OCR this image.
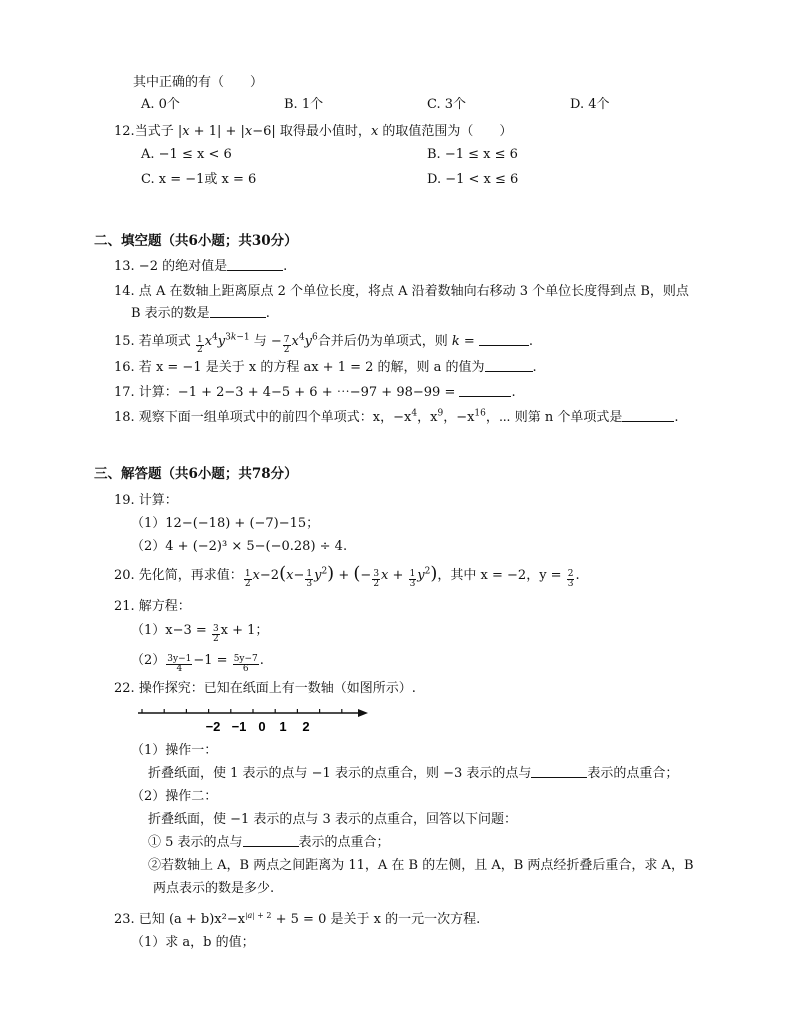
其中正确的有（　　）
A. 0个	B. 1个	C. 3个	D. 4个
12.当式子 |x + 1| + |x−6| 取得最小值时，x 的取值范围为（　　）
A. −1 ≤ x < 6	B. −1 ≤ x ≤ 6
C. x = −1或 x = 6	D. −1 < x ≤ 6
二、填空题（共6小题；共30分）
13. −2 的绝对值是	.
14. 点 A 在数轴上距离原点 2 个单位长度，将点 A 沿着数轴向右移动 3 个单位长度得到点 B，则点
B 表示的数是	.
15. 若单项式 $\frac{1}{2} x^4y^{3k-1}$ 与 − $\frac{7}{2} x^4y^6$合并后仍为单项式，则 k =	.
16. 若 x = −1 是关于 x 的方程 ax + 1 = 2 的解，则 a 的值为	.
17. 计算：−1 + 2−3 + 4−5 + 6 + ⋯−97 + 98−99 =	.
18. 观察下面一组单项式中的前四个单项式：x，$-x^4$，$x^9$，$-x^{16}$，⋯ 则第 n 个单项式是	.
三、解答题（共6小题；共78分）
19. 计算：
（1）12−(−18) + (−7)−15；
（2）4 + (−2)³ × 5−(−0.28) ÷ 4.
20. 先化简，再求值： $\frac{1}{2} x-2(x- \frac{1}{3} y^2)$ + (− $\frac{3}{2}$ $x + \frac{1}{3} y^2$)，其中 x = −2，$y = \frac{2}{3}$ .
21. 解方程：
$(1)x-3 = \frac{3}{2}$ x + 1；
$(2) \frac{3y-1}{4} -1 = \frac{5y-7}{6}$ .
22. 操作探究：已知在纸面上有一数轴（如图所示）.
−2 −1 0 1 2
（1）操作一：
折叠纸面，使 1 表示的点与 −1 表示的点重合，则 −3 表示的点与	表示的点重合；
（2）操作二：
折叠纸面，使 −1 表示的点与 3 表示的点重合，回答以下问题：
① 5 表示的点与	表示的点重合；
②若数轴上 A，B 两点之间距离为 11，A 在 B 的左侧，且 A，B 两点经折叠后重合，求 A，B
两点表示的数是多少.
23. 已知 $(a + b)x^2-x^{|a| + 2} + 5 = 0$ 是关于 x 的一元一次方程.
（1）求 a，b 的值；
